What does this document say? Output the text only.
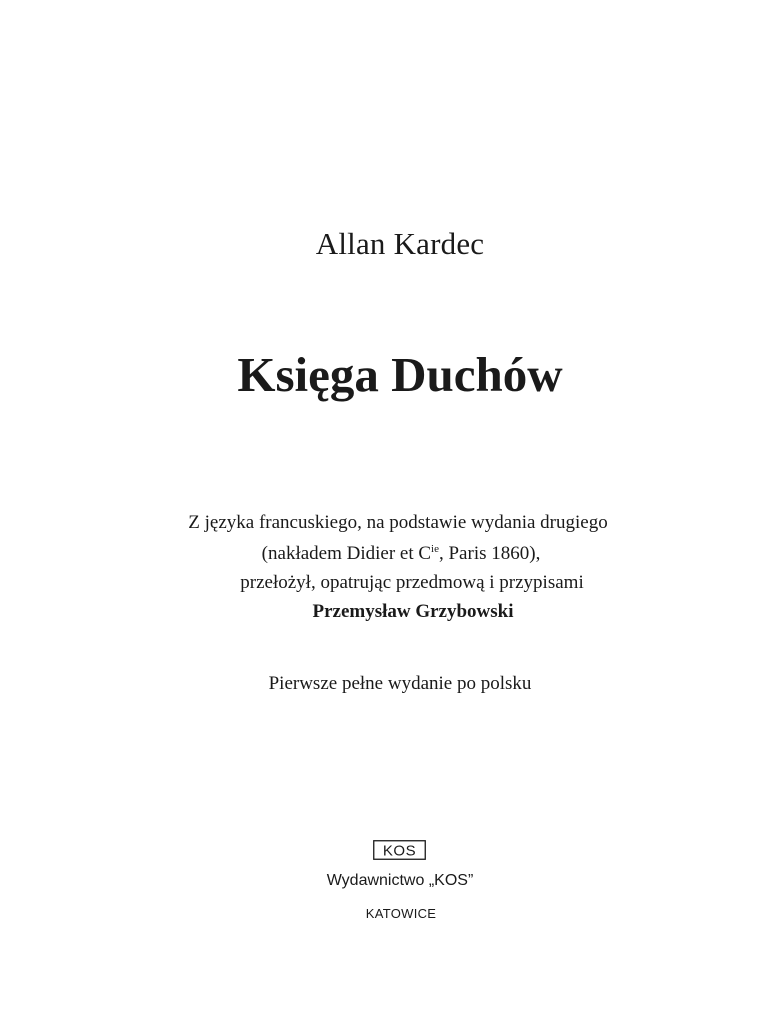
Allan Kardec
Księga Duchów
Z języka francuskiego, na podstawie wydania drugiego
(nakładem Didier et $C^{ie}$, Paris 1860),
przełożył, opatrując przedmową i przypisami
Przemysław Grzybowski
Pierwsze pełne wydanie po polsku
KOS
Wydawnictwo „KOS”
KATOWICE
